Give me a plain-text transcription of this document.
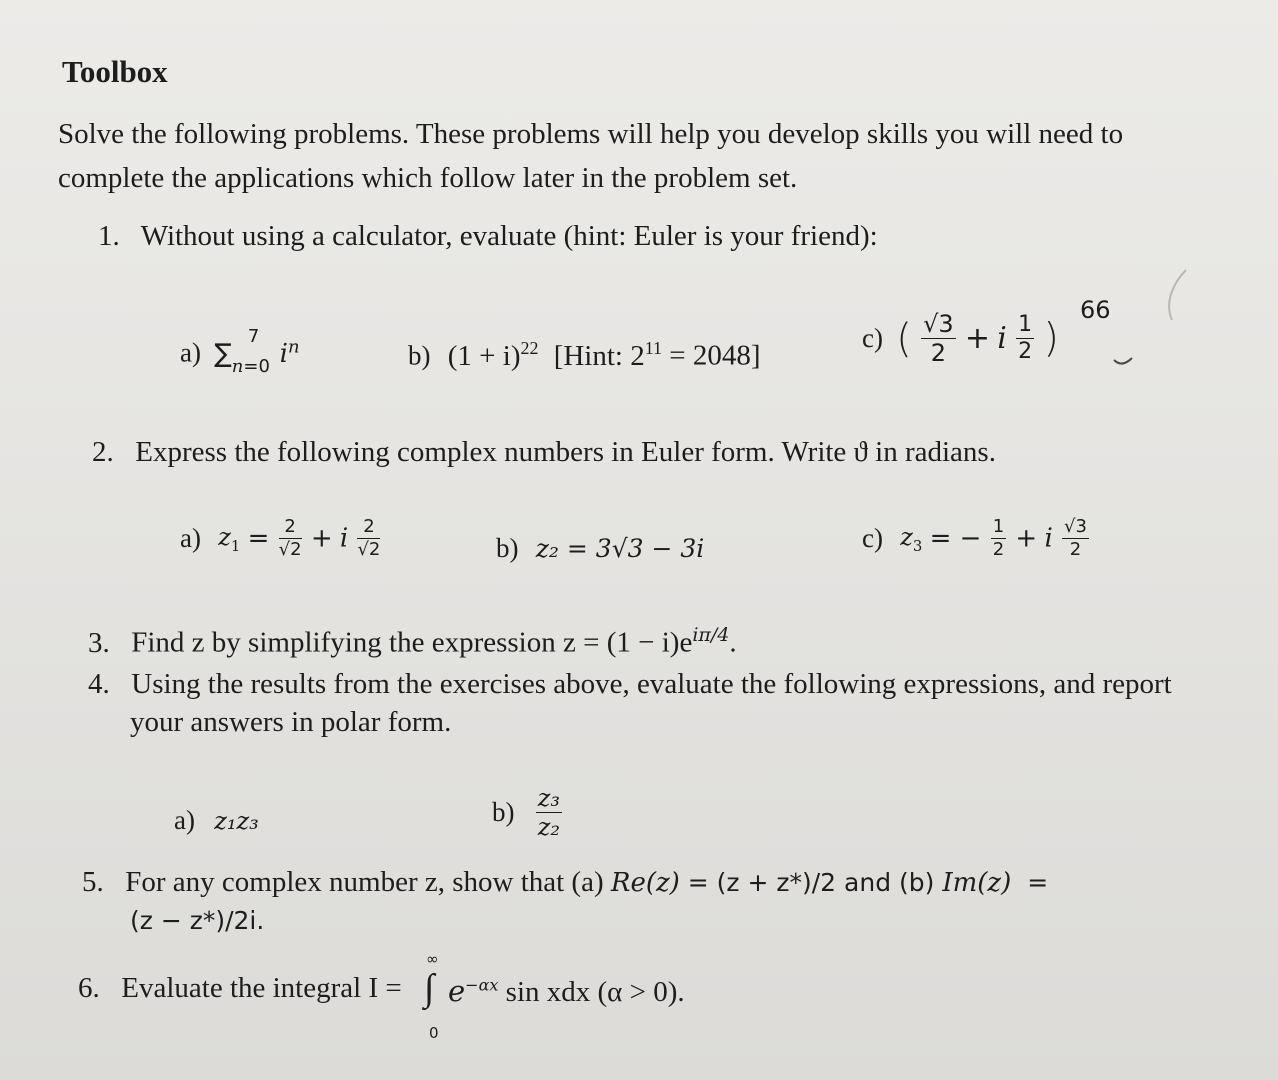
Toolbox
Solve the following problems. These problems will help you develop skills you will need to complete the applications which follow later in the problem set.
1. Without using a calculator, evaluate (hint: Euler is your friend):
a) $\sum_{n=0}^7$ $i^n$	b) $(1 + i)^{22}$ [Hint: $2^{11} = 2048$]
c) ( $\frac{√3}{2} + i \frac{1}{2}$ )
66
2. Express the following complex numbers in Euler form. Write ϑ in radians.
a) $z_1 = \frac{2}{√2} + i \frac{2}{√2}$	b) z₂ = 3√3 − 3i	c) $z_3$ = − $\frac{1}{2} + i \frac{√3}{2}$
3. Find z by simplifying the expression $z = (1 - i)e^{i\pi/4}$.
4. Using the results from the exercises above, evaluate the following expressions, and report
your answers in polar form.
a) z₁z₃	$b) \frac{\text{z₃}}{\text{z₂}}$
5. For any complex number z, show that (a) Re(z) = (z + z*)/2 and (b) Im(z) =
(z − z*)/2i.
6. Evaluate the integral I =
∞
∫
0
$e^{-\alpha x}$ sin xdx (α > 0).
